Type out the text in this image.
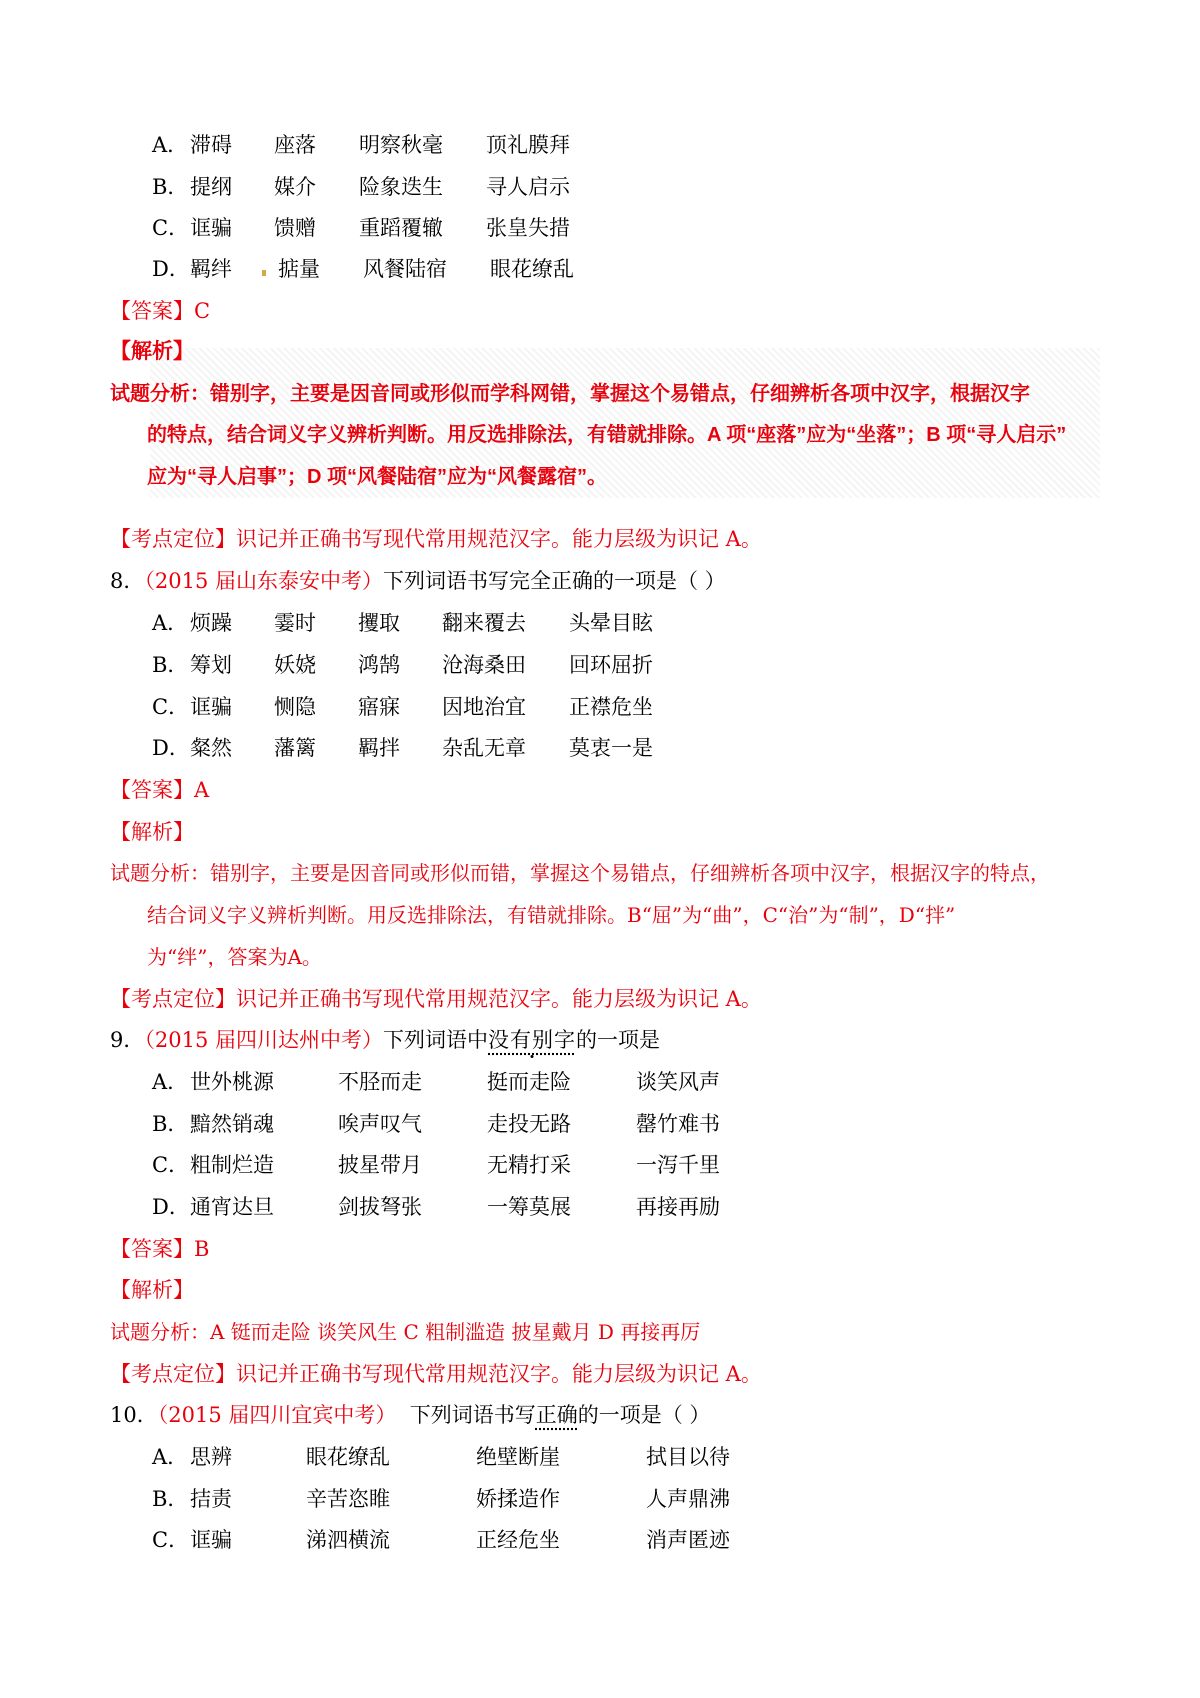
A． 滞碍 座落 明察秋毫 顶礼膜拜
B． 提纲 媒介 险象迭生 寻人启示
C． 诓骗 馈赠 重蹈覆辙 张皇失措
D． 羁绊 掂量 风餐陆宿 眼花缭乱
【答案】C
【解析】
试题分析：错别字，主要是因音同或形似而学科网错，掌握这个易错点，仔细辨析各项中汉字，根据汉字
的特点，结合词义字义辨析判断。用反选排除法，有错就排除。A 项“座落”应为“坐落”；B 项“寻人启示”
应为“寻人启事”；D 项“风餐陆宿”应为“风餐露宿”。
【考点定位】识记并正确书写现代常用规范汉字。能力层级为识记 A。
8．（2015 届山东泰安中考）下列词语书写完全正确的一项是（ ）
A． 烦躁 霎时 攫取 翻来覆去 头晕目眩
B． 筹划 妖娆 鸿鹄 沧海桑田 回环屈折
C． 诓骗 恻隐 寤寐 因地治宜 正襟危坐
D． 粲然 藩篱 羁拌 杂乱无章 莫衷一是
【答案】A
【解析】
试题分析：错别字，主要是因音同或形似而错，掌握这个易错点，仔细辨析各项中汉字，根据汉字的特点，
结合词义字义辨析判断。用反选排除法，有错就排除。B“屈”为“曲”，C“治”为“制”，D“拌”
为“绊”，答案为A。
【考点定位】识记并正确书写现代常用规范汉字。能力层级为识记 A。
9．（2015 届四川达州中考）下列词语中没有别字的一项是
A． 世外桃源	不胫而走	挺而走险	谈笑风声
B． 黯然销魂	唉声叹气	走投无路	罄竹难书
C． 粗制烂造	披星带月	无精打采	一泻千里
D． 通宵达旦	剑拔弩张	一筹莫展	再接再励
【答案】B
【解析】
试题分析：A 铤而走险 谈笑风生 C 粗制滥造 披星戴月 D 再接再厉
【考点定位】识记并正确书写现代常用规范汉字。能力层级为识记 A。
10．（2015 届四川宜宾中考） 下列词语书写正确的一项是（ ）
A． 思辨	眼花缭乱	绝壁断崖	拭目以待
B． 拮责	辛苦恣睢	娇揉造作	人声鼎沸
C． 诓骗	涕泗横流	正经危坐	消声匿迹
